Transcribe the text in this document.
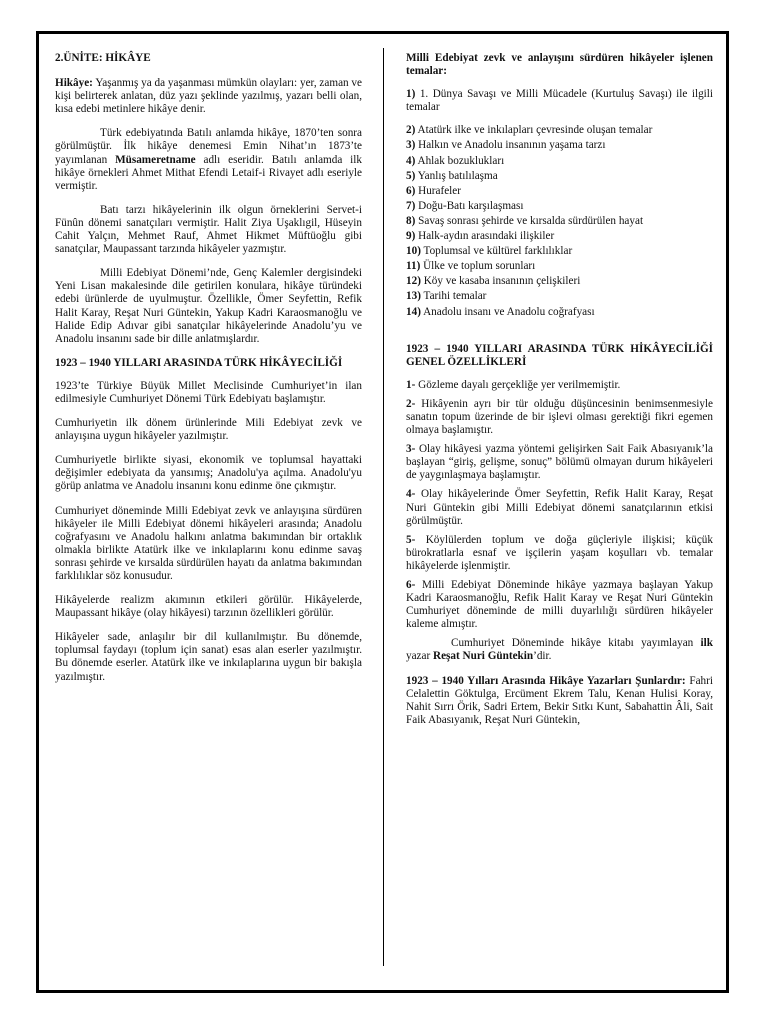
2.ÜNİTE: HİKÂYE

Hikâye: Yaşanmış ya da yaşanması mümkün olayları: yer, zaman ve kişi belirterek anlatan, düz yazı şeklinde yazılmış, yazarı belli olan, kısa edebi metinlere hikâye denir.

Türk edebiyatında Batılı anlamda hikâye, 1870’ten sonra görülmüştür. İlk hikâye denemesi Emin Nihat’ın 1873’te yayımlanan Müsameretname adlı eseridir. Batılı anlamda ilk hikâye örnekleri Ahmet Mithat Efendi Letaif-i Rivayet adlı eseriyle vermiştir.

Batı tarzı hikâyelerinin ilk olgun örneklerini Servet-i Fünûn dönemi sanatçıları vermiştir. Halit Ziya Uşaklıgil, Hüseyin Cahit Yalçın, Mehmet Rauf, Ahmet Hikmet Müftüoğlu gibi sanatçılar, Maupassant tarzında hikâyeler yazmıştır.

Milli Edebiyat Dönemi’nde, Genç Kalemler dergisindeki Yeni Lisan makalesinde dile getirilen konulara, hikâye türündeki edebi ürünlerde de uyulmuştur. Özellikle, Ömer Seyfettin, Refik Halit Karay, Reşat Nuri Güntekin, Yakup Kadri Karaosmanoğlu ve Halide Edip Adıvar gibi sanatçılar hikâyelerinde Anadolu’yu ve Anadolu insanını sade bir dille anlatmışlardır.

1923 – 1940 YILLARI ARASINDA TÜRK HİKÂYECİLİĞİ

1923’te Türkiye Büyük Millet Meclisinde Cumhuriyet’in ilan edilmesiyle Cumhuriyet Dönemi Türk Edebiyatı başlamıştır.

Cumhuriyetin ilk dönem ürünlerinde Mili Edebiyat zevk ve anlayışına uygun hikâyeler yazılmıştır.

Cumhuriyetle birlikte siyasi, ekonomik ve toplumsal hayattaki değişimler edebiyata da yansımış; Anadolu'ya açılma. Anadolu'yu görüp anlatma ve Anadolu insanını konu edinme öne çıkmıştır.

Cumhuriyet döneminde Milli Edebiyat zevk ve anlayışına sürdüren hikâyeler ile Milli Edebiyat dönemi hikâyeleri arasında; Anadolu coğrafyasını ve Anadolu halkını anlatma bakımından bir ortaklık olmakla birlikte Atatürk ilke ve inkılaplarını konu edinme savaş sonrası şehirde ve kırsalda sürdürülen hayatı da anlatma bakımından farklılıklar söz konusudur.

Hikâyelerde realizm akımının etkileri görülür. Hikâyelerde, Maupassant hikâye (olay hikâyesi) tarzının özellikleri görülür.

Hikâyeler sade, anlaşılır bir dil kullanılmıştır. Bu dönemde, toplumsal faydayı (toplum için sanat) esas alan eserler yazılmıştır. Bu dönemde eserler. Atatürk ilke ve inkılaplarına uygun bir bakışla yazılmıştır.

Milli Edebiyat zevk ve anlayışını sürdüren hikâyeler işlenen temalar:

1) 1. Dünya Savaşı ve Milli Mücadele (Kurtuluş Savaşı) ile ilgili temalar

2) Atatürk ilke ve inkılapları çevresinde oluşan temalar

3) Halkın ve Anadolu insanının yaşama tarzı

4) Ahlak bozuklukları

5) Yanlış batılılaşma

6) Hurafeler

7) Doğu-Batı karşılaşması

8) Savaş sonrası şehirde ve kırsalda sürdürülen hayat

9) Halk-aydın arasındaki ilişkiler

10) Toplumsal ve kültürel farklılıklar

11) Ülke ve toplum sorunları

12) Köy ve kasaba insanının çelişkileri

13) Tarihi temalar

14) Anadolu insanı ve Anadolu coğrafyası

1923 – 1940 YILLARI ARASINDA TÜRK HİKÂYECİLİĞİ GENEL ÖZELLİKLERİ

1- Gözleme dayalı gerçekliğe yer verilmemiştir.

2- Hikâyenin ayrı bir tür olduğu düşüncesinin benimsenmesiyle sanatın topum üzerinde de bir işlevi olması gerektiği fikri egemen olmaya başlamıştır.

3- Olay hikâyesi yazma yöntemi gelişirken Sait Faik Abasıyanık’la başlayan “giriş, gelişme, sonuç” bölümü olmayan durum hikâyeleri de yaygınlaşmaya başlamıştır.

4- Olay hikâyelerinde Ömer Seyfettin, Refik Halit Karay, Reşat Nuri Güntekin gibi Milli Edebiyat dönemi sanatçılarının etkisi görülmüştür.

5- Köylülerden toplum ve doğa güçleriyle ilişkisi; küçük bürokratlarla esnaf ve işçilerin yaşam koşulları vb. temalar hikâyelerde işlenmiştir.

6- Milli Edebiyat Döneminde hikâye yazmaya başlayan Yakup Kadri Karaosmanoğlu, Refik Halit Karay ve Reşat Nuri Güntekin Cumhuriyet döneminde de milli duyarlılığı sürdüren hikâyeler kaleme almıştır.

Cumhuriyet Döneminde hikâye kitabı yayımlayan ilk yazar Reşat Nuri Güntekin’dir.

1923 – 1940 Yılları Arasında Hikâye Yazarları Şunlardır: Fahri Celalettin Göktulga, Ercüment Ekrem Talu, Kenan Hulisi Koray, Nahit Sırrı Örik, Sadri Ertem, Bekir Sıtkı Kunt, Sabahattin Âli, Sait Faik Abasıyanık, Reşat Nuri Güntekin,
